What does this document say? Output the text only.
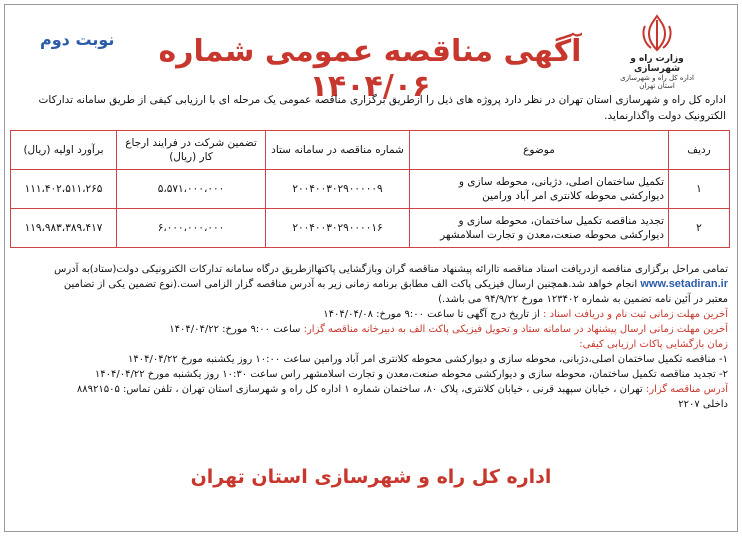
نوبت دوم آگهی مناقصه عمومی شماره ۱۴۰۴/۰۶
وزارت راه و شهرسازی
اداره کل راه و شهرسازی استان تهران
اداره کل راه و شهرسازی استان تهران در نظر دارد پروژه های ذیل را ازطریق برگزاری مناقصه عمومی یک مرحله ای با ارزیابی کیفی از طریق سامانه تدارکات الکترونیک دولت واگذارنماید.
ردیف	موضوع	شماره مناقصه در سامانه ستاد	تضمین شرکت در فرایند ارجاع کار (ریال)	برآورد اولیه (ریال)
۱	تکمیل ساختمان اصلی، دژبانی، محوطه سازی و دیوارکشی محوطه کلانتری امر آباد ورامین	۲۰۰۴۰۰۳۰۲۹۰۰۰۰۰۹	۵،۵۷۱،۰۰۰،۰۰۰	۱۱۱،۴۰۲،۵۱۱،۲۶۵
۲	تجدید مناقصه تکمیل ساختمان، محوطه سازی و دیوارکشی محوطه صنعت،معدن و تجارت اسلامشهر	۲۰۰۴۰۰۳۰۲۹۰۰۰۰۱۶	۶،۰۰۰،۰۰۰،۰۰۰	۱۱۹،۹۸۳،۳۸۹،۴۱۷
تمامی مراحل برگزاری مناقصه ازدریافت اسناد مناقصه تاارائه پیشنهاد مناقصه گران وبازگشایی پاکتهاازطریق درگاه سامانه تدارکات الکترونیکی دولت(ستاد)به آدرس
www.setadiran.ir انجام خواهد شد.همچنین ارسال فیزیکی پاکت الف مطابق برنامه زمانی زیر به آدرس مناقصه گزار الزامی است.(نوع تضمین یکی از تضامین
معتبر در آئین نامه تضمین به شماره ۱۲۳۴۰۲ مورخ ۹۴/۹/۲۲ می باشد.)
آخرین مهلت زمانی ثبت نام و دریافت اسناد : از تاریخ درج آگهی تا ساعت ۹:۰۰ مورخ: ۱۴۰۴/۰۴/۰۸
آخرین مهلت زمانی ارسال پیشنهاد در سامانه ستاد و تحویل فیزیکی پاکت الف به دبیرخانه مناقصه گزار: ساعت ۹:۰۰ مورخ: ۱۴۰۴/۰۴/۲۲
زمان بازگشایی پاکات ارزیابی کیفی:
۱- مناقصه تکمیل ساختمان اصلی،دژبانی، محوطه سازی و دیوارکشی محوطه کلانتری امر آباد ورامین ساعت ۱۰:۰۰ روز یکشنبه مورخ ۱۴۰۴/۰۴/۲۲
۲- تجدید مناقصه تکمیل ساختمان، محوطه سازی و دیوارکشی محوطه صنعت،معدن و تجارت اسلامشهر راس ساعت ۱۰:۳۰ روز یکشنبه مورخ ۱۴۰۴/۰۴/۲۲
آدرس مناقصه گزار: تهران ، خیابان سپهبد قرنی ، خیابان کلانتری، پلاک ۸۰، ساختمان شماره ۱ اداره کل راه و شهرسازی استان تهران ، تلفن تماس: ۸۸۹۲۱۵۰۵
داخلی ۲۲۰۷
اداره کل راه و شهرسازی استان تهران
